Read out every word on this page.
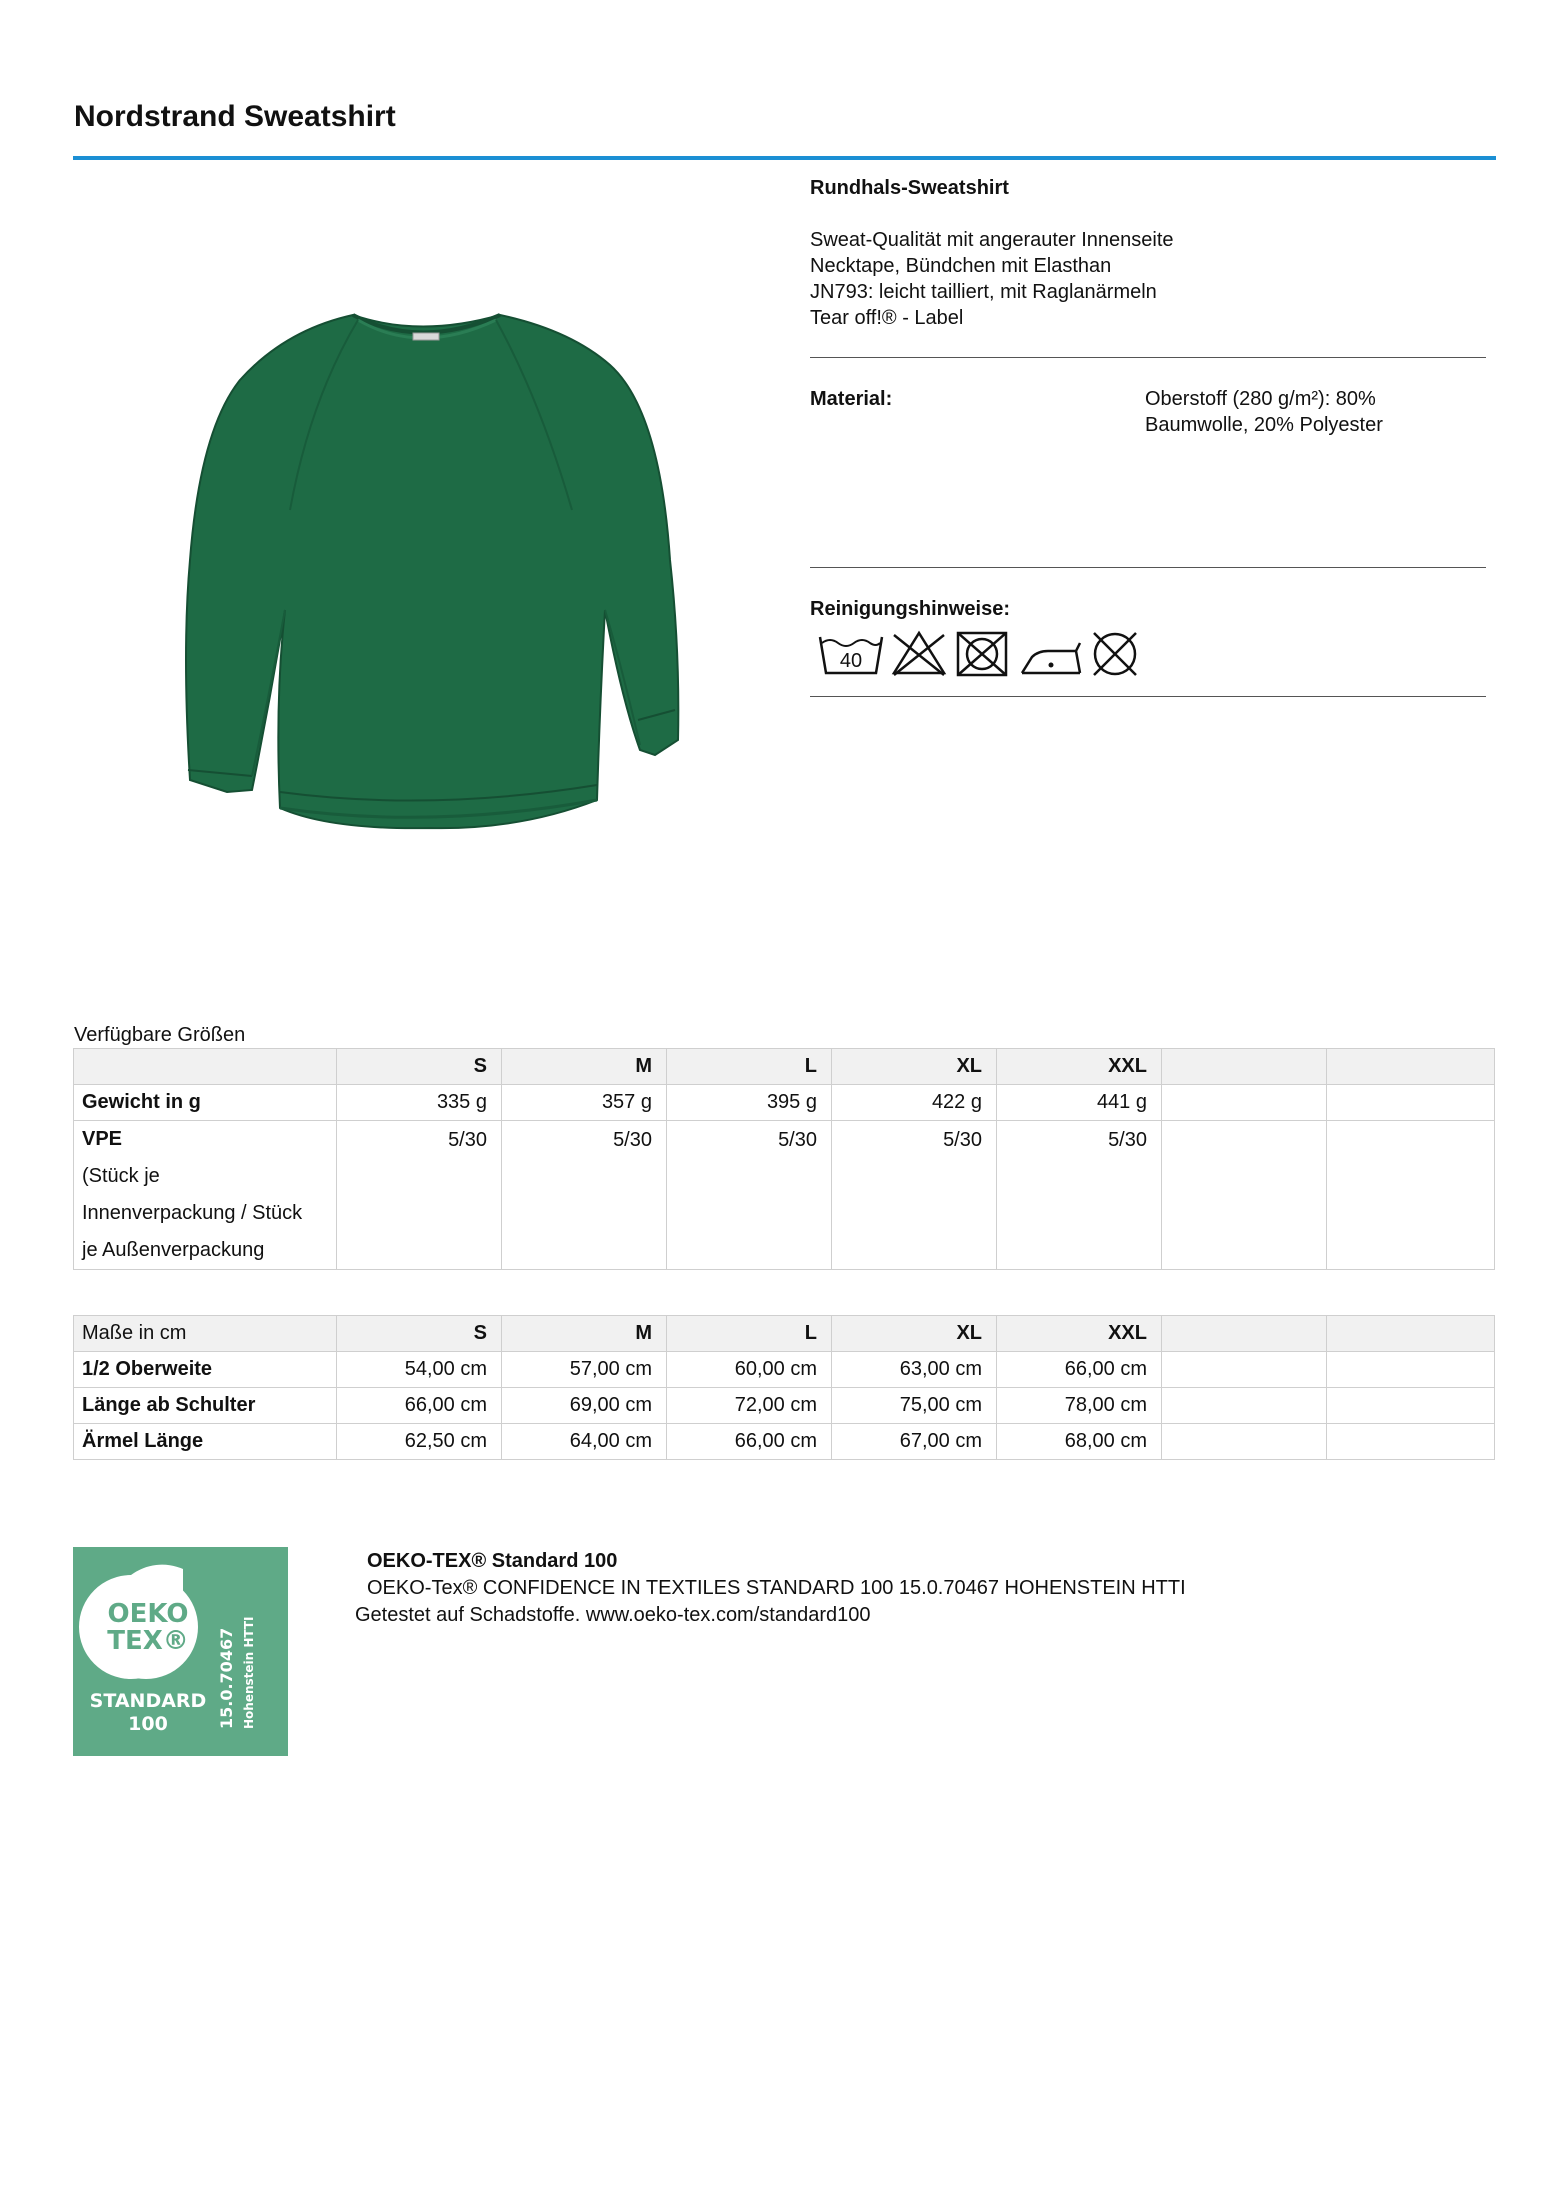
Nordstrand Sweatshirt
Rundhals-Sweatshirt
Sweat-Qualität mit angerauter Innenseite
Necktape, Bündchen mit Elasthan
JN793: leicht tailliert, mit Raglanärmeln
Tear off!® - Label
Material:	Oberstoff (280 g/m²): 80%
Baumwolle, 20% Polyester
Reinigungshinweise:
40
Verfügbare Größen
	S	M	L	XL	XXL		
Gewicht in g	335 g	357 g	395 g	422 g	441 g		

VPE
(Stück je
Innenverpackung / Stück
je Außenverpackung	5/30	5/30	5/30	5/30	5/30		
Maße in cm	S	M	L	XL	XXL		
1/2 Oberweite	54,00 cm	57,00 cm	60,00 cm	63,00 cm	66,00 cm		
Länge ab Schulter	66,00 cm	69,00 cm	72,00 cm	75,00 cm	78,00 cm		
Ärmel Länge	62,50 cm	64,00 cm	66,00 cm	67,00 cm	68,00 cm		
OEKO
TEX®
STANDARD
100	15.0.70467 Hohenstein HTTI
OEKO-TEX® Standard 100
OEKO-Tex® CONFIDENCE IN TEXTILES STANDARD 100 15.0.70467 HOHENSTEIN HTTI
Getestet auf Schadstoffe. www.oeko-tex.com/standard100
